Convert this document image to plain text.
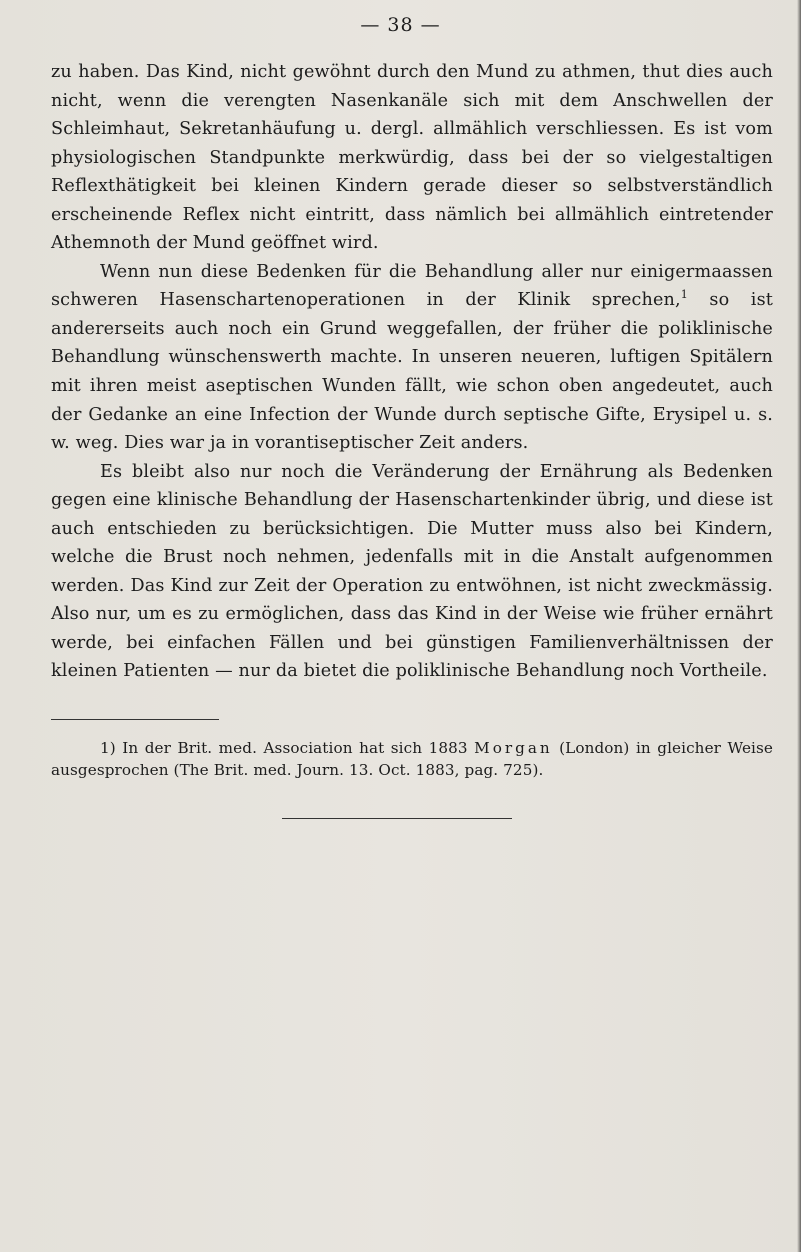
— 38 —

zu haben. Das Kind, nicht gewöhnt durch den Mund zu athmen, thut dies auch nicht, wenn die verengten Nasenkanäle sich mit dem Anschwellen der Schleimhaut, Sekretanhäufung u. dergl. allmählich verschliessen. Es ist vom physiologischen Standpunkte merkwürdig, dass bei der so vielgestaltigen Reflexthätigkeit bei kleinen Kindern gerade dieser so selbstverständlich erscheinende Reflex nicht eintritt, dass nämlich bei allmählich eintretender Athemnoth der Mund geöffnet wird.

Wenn nun diese Bedenken für die Behandlung aller nur einigermaassen schweren Hasenschartenoperationen in der Klinik sprechen,$^1$ so ist andererseits auch noch ein Grund weggefallen, der früher die poliklinische Behandlung wünschenswerth machte. In unseren neueren, luftigen Spitälern mit ihren meist aseptischen Wunden fällt, wie schon oben angedeutet, auch der Gedanke an eine Infection der Wunde durch septische Gifte, Erysipel u. s. w. weg. Dies war ja in vorantiseptischer Zeit anders.

Es bleibt also nur noch die Veränderung der Ernährung als Bedenken gegen eine klinische Behandlung der Hasenschartenkinder übrig, und diese ist auch entschieden zu berücksichtigen. Die Mutter muss also bei Kindern, welche die Brust noch nehmen, jedenfalls mit in die Anstalt aufgenommen werden. Das Kind zur Zeit der Operation zu entwöhnen, ist nicht zweckmässig. Also nur, um es zu ermöglichen, dass das Kind in der Weise wie früher ernährt werde, bei einfachen Fällen und bei günstigen Familienverhältnissen der kleinen Patienten — nur da bietet die poliklinische Behandlung noch Vortheile.

1) In der Brit. med. Association hat sich 1883 Morgan (London) in gleicher Weise ausgesprochen (The Brit. med. Journ. 13. Oct. 1883, pag. 725).
